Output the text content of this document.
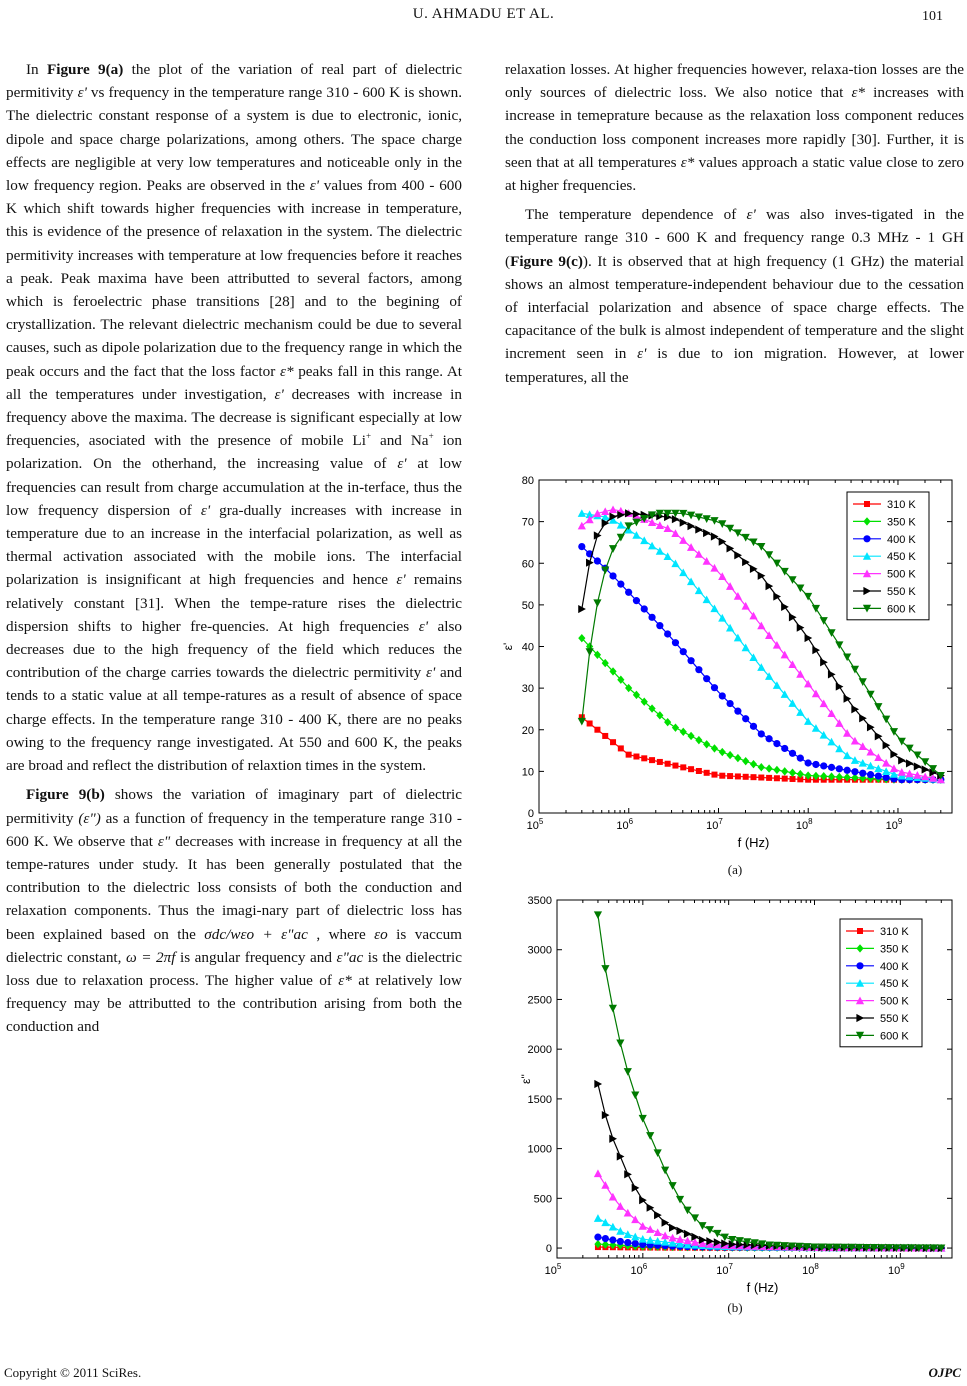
U. AHMADU ET AL.	101

In Figure 9(a) the plot of the variation of real part of dielectric permitivity ε' vs frequency in the temperature range 310 - 600 K is shown. The dielectric constant response of a system is due to electronic, ionic, dipole and space charge polarizations, among others. The space charge effects are negligible at very low temperatures and noticeable only in the low frequency region. Peaks are observed in the ε' values from 400 - 600 K which shift towards higher frequencies with increase in temperature, this is evidence of the presence of relaxation in the system. The dielectric permitivity increases with temperature at low frequencies before it reaches a peak. Peak maxima have been attributted to several factors, among which is feroelectric phase transitions [28] and to the begining of crystallization. The relevant dielectric mechanism could be due to several causes, such as dipole polarization due to the frequency range in which the peak occurs and the fact that the loss factor ε* peaks fall in this range. At all the temperatures under investigation, ε' decreases with increase in frequency above the maxima. The decrease is significant especially at low frequencies, asociated with the presence of mobile Li+ and Na+ ion polarization. On the otherhand, the increasing value of ε' at low frequencies can result from charge accumulation at the in-terface, thus the low frequency dispersion of ε' gra-dually increases with increase in temperature due to an increase in the interfacial polarization, as well as thermal activation associated with the mobile ions. The interfacial polarization is insignificant at high frequencies and hence ε' remains relatively constant [31]. When the tempe-rature rises the dielectric dispersion shifts to higher fre-quencies. At high frequencies ε' also decreases due to the high frequency of the field which reduces the contribution of the charge carries towards the dielectric permitivity ε' and tends to a static value at all tempe-ratures as a result of absence of space charge effects. In the temperature range 310 - 400 K, there are no peaks owing to the frequency range investigated. At 550 and 600 K, the peaks are broad and reflect the distribution of relaxtion times in the system.

Figure 9(b) shows the variation of imaginary part of dielectric permitivity (ε") as a function of frequency in the temperature range 310 - 600 K. We observe that ε" decreases with increase in frequency at all the tempe-ratures under study. It has been generally postulated that the contribution to the dielectric loss consists of both the conduction and relaxation components. Thus the imagi-nary part of dielectric loss has been explained based on the σdc/wεo + ε"ac , where εo is vaccum dielectric constant, ω = 2πf is angular frequency and ε"ac is the dielectric loss due to relaxation process. The higher value of ε* at relatively low frequency may be attributted to the contribution arising from both the conduction and

relaxation losses. At higher frequencies however, relaxa-tion losses are the only sources of dielectric loss. We also notice that ε* increases with increase in temeprature because as the relaxation loss component reduces the conduction loss component increases more rapidly [30]. Further, it is seen that at all temperatures ε* values approach a static value close to zero at higher frequencies.

The temperature dependence of ε' was also inves-tigated in the temperature range 310 - 600 K and frequency range 0.3 MHz - 1 GH (Figure 9(c)). It is observed that at high frequency (1 GHz) the material shows an almost temperature-independent behaviour due to the cessation of interfacial polarization and absence of space charge effects. The capacitance of the bulk is almost independent of temperature and the slight increment seen in ε' is due to ion migration. However, at lower temperatures, all the

$10^5$	$10^6$	$10^7$	$10^8$	$10^9$
0
10
20
30
40
50
60
70
80
f (Hz)
ε'
310 K
350 K
400 K
450 K
500 K
550 K
600 K
(a)
$10^5$	$10^6$	$10^7$	$10^8$	$10^9$
0
500
1000
1500
2000
2500
3000
3500
f (Hz)
ε''
310 K
350 K
400 K
450 K
500 K
550 K
600 K
(b)
Copyright © 2011 SciRes.	OJPC
